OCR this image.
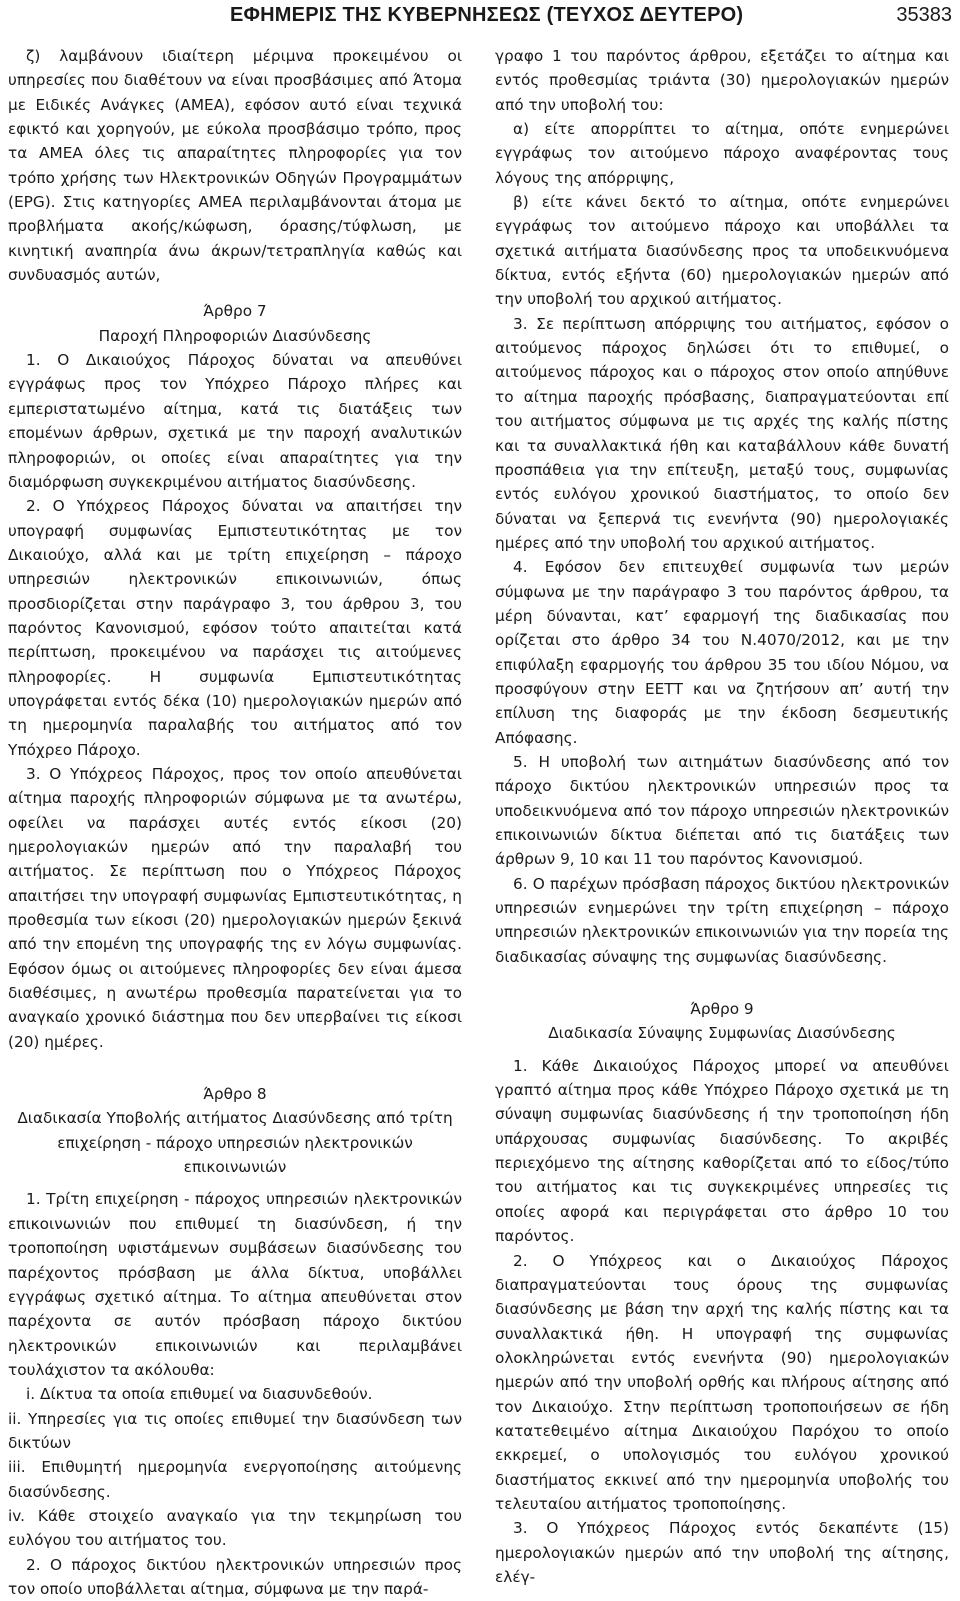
ΕΦΗΜΕΡΙΣ ΤΗΣ ΚΥΒΕΡΝΗΣΕΩΣ (ΤΕΥΧΟΣ ΔΕΥΤΕΡΟ)	35383

ζ) λαμβάνουν ιδιαίτερη μέριμνα προκειμένου οι υπηρεσίες που διαθέτουν να είναι προσβάσιμες από Άτομα με Ειδικές Ανάγκες (ΑΜΕΑ), εφόσον αυτό είναι τεχνικά εφικτό και χορηγούν, με εύκολα προσβάσιμο τρόπο, προς τα ΑΜΕΑ όλες τις απαραίτητες πληροφορίες για τον τρόπο χρήσης των Ηλεκτρονικών Οδηγών Προγραμμάτων (EPG). Στις κατηγορίες ΑΜΕΑ περιλαμβάνονται άτομα με προβλήματα ακοής/κώφωση, όρασης/τύφλωση, με κινητική αναπηρία άνω άκρων/τετραπληγία καθώς και συνδυασμός αυτών,

Άρθρο 7
Παροχή Πληροφοριών Διασύνδεσης

1. Ο Δικαιούχος Πάροχος δύναται να απευθύνει εγγράφως προς τον Υπόχρεο Πάροχο πλήρες και εμπεριστατωμένο αίτημα, κατά τις διατάξεις των επομένων άρθρων, σχετικά με την παροχή αναλυτικών πληροφοριών, οι οποίες είναι απαραίτητες για την διαμόρφωση συγκεκριμένου αιτήματος διασύνδεσης.

2. Ο Υπόχρεος Πάροχος δύναται να απαιτήσει την υπογραφή συμφωνίας Εμπιστευτικότητας με τον Δικαιούχο, αλλά και με τρίτη επιχείρηση – πάροχο υπηρεσιών ηλεκτρονικών επικοινωνιών, όπως προσδιορίζεται στην παράγραφο 3, του άρθρου 3, του παρόντος Κανονισμού, εφόσον τούτο απαιτείται κατά περίπτωση, προκειμένου να παράσχει τις αιτούμενες πληροφορίες. Η συμφωνία Εμπιστευτικότητας υπογράφεται εντός δέκα (10) ημερολογιακών ημερών από τη ημερομηνία παραλαβής του αιτήματος από τον Υπόχρεο Πάροχο.

3. Ο Υπόχρεος Πάροχος, προς τον οποίο απευθύνεται αίτημα παροχής πληροφοριών σύμφωνα με τα ανωτέρω, οφείλει να παράσχει αυτές εντός είκοσι (20) ημερολογιακών ημερών από την παραλαβή του αιτήματος. Σε περίπτωση που ο Υπόχρεος Πάροχος απαιτήσει την υπογραφή συμφωνίας Εμπιστευτικότητας, η προθεσμία των είκοσι (20) ημερολογιακών ημερών ξεκινά από την επομένη της υπογραφής της εν λόγω συμφωνίας. Εφόσον όμως οι αιτούμενες πληροφορίες δεν είναι άμεσα διαθέσιμες, η ανωτέρω προθεσμία παρατείνεται για το αναγκαίο χρονικό διάστημα που δεν υπερβαίνει τις είκοσι (20) ημέρες.

Άρθρο 8
Διαδικασία Υποβολής αιτήματος Διασύνδεσης από τρίτη επιχείρηση - πάροχο υπηρεσιών ηλεκτρονικών επικοινωνιών

1. Τρίτη επιχείρηση - πάροχος υπηρεσιών ηλεκτρονικών επικοινωνιών που επιθυμεί τη διασύνδεση, ή την τροποποίηση υφιστάμενων συμβάσεων διασύνδεσης του παρέχοντος πρόσβαση με άλλα δίκτυα, υποβάλλει εγγράφως σχετικό αίτημα. Το αίτημα απευθύνεται στον παρέχοντα σε αυτόν πρόσβαση πάροχο δικτύου ηλεκτρονικών επικοινωνιών και περιλαμβάνει τουλάχιστον τα ακόλουθα:

i. Δίκτυα τα οποία επιθυμεί να διασυνδεθούν.

ii. Υπηρεσίες για τις οποίες επιθυμεί την διασύνδεση των δικτύων

iii. Επιθυμητή ημερομηνία ενεργοποίησης αιτούμενης διασύνδεσης.

iv. Κάθε στοιχείο αναγκαίο για την τεκμηρίωση του ευλόγου του αιτήματος του.

2. Ο πάροχος δικτύου ηλεκτρονικών υπηρεσιών προς τον οποίο υποβάλλεται αίτημα, σύμφωνα με την παρά-

γραφο 1 του παρόντος άρθρου, εξετάζει το αίτημα και εντός προθεσμίας τριάντα (30) ημερολογιακών ημερών από την υποβολή του:

α) είτε απορρίπτει το αίτημα, οπότε ενημερώνει εγγράφως τον αιτούμενο πάροχο αναφέροντας τους λόγους της απόρριψης,

β) είτε κάνει δεκτό το αίτημα, οπότε ενημερώνει εγγράφως τον αιτούμενο πάροχο και υποβάλλει τα σχετικά αιτήματα διασύνδεσης προς τα υποδεικνυόμενα δίκτυα, εντός εξήντα (60) ημερολογιακών ημερών από την υποβολή του αρχικού αιτήματος.

3. Σε περίπτωση απόρριψης του αιτήματος, εφόσον ο αιτούμενος πάροχος δηλώσει ότι το επιθυμεί, ο αιτούμενος πάροχος και ο πάροχος στον οποίο απηύθυνε το αίτημα παροχής πρόσβασης, διαπραγματεύονται επί του αιτήματος σύμφωνα με τις αρχές της καλής πίστης και τα συναλλακτικά ήθη και καταβάλλουν κάθε δυνατή προσπάθεια για την επίτευξη, μεταξύ τους, συμφωνίας εντός ευλόγου χρονικού διαστήματος, το οποίο δεν δύναται να ξεπερνά τις ενενήντα (90) ημερολογιακές ημέρες από την υποβολή του αρχικού αιτήματος.

4. Εφόσον δεν επιτευχθεί συμφωνία των μερών σύμφωνα με την παράγραφο 3 του παρόντος άρθρου, τα μέρη δύνανται, κατ’ εφαρμογή της διαδικασίας που ορίζεται στο άρθρο 34 του Ν.4070/2012, και με την επιφύλαξη εφαρμογής του άρθρου 35 του ιδίου Νόμου, να προσφύγουν στην ΕΕΤΤ και να ζητήσουν απ’ αυτή την επίλυση της διαφοράς με την έκδοση δεσμευτικής Απόφασης.

5. Η υποβολή των αιτημάτων διασύνδεσης από τον πάροχο δικτύου ηλεκτρονικών υπηρεσιών προς τα υποδεικνυόμενα από τον πάροχο υπηρεσιών ηλεκτρονικών επικοινωνιών δίκτυα διέπεται από τις διατάξεις των άρθρων 9, 10 και 11 του παρόντος Κανονισμού.

6. Ο παρέχων πρόσβαση πάροχος δικτύου ηλεκτρονικών υπηρεσιών ενημερώνει την τρίτη επιχείρηση – πάροχο υπηρεσιών ηλεκτρονικών επικοινωνιών για την πορεία της διαδικασίας σύναψης της συμφωνίας διασύνδεσης.

Άρθρο 9
Διαδικασία Σύναψης Συμφωνίας Διασύνδεσης

1. Κάθε Δικαιούχος Πάροχος μπορεί να απευθύνει γραπτό αίτημα προς κάθε Υπόχρεο Πάροχο σχετικά με τη σύναψη συμφωνίας διασύνδεσης ή την τροποποίηση ήδη υπάρχουσας συμφωνίας διασύνδεσης. Το ακριβές περιεχόμενο της αίτησης καθορίζεται από το είδος/τύπο του αιτήματος και τις συγκεκριμένες υπηρεσίες τις οποίες αφορά και περιγράφεται στο άρθρο 10 του παρόντος.

2. Ο Υπόχρεος και ο Δικαιούχος Πάροχος διαπραγματεύονται τους όρους της συμφωνίας διασύνδεσης με βάση την αρχή της καλής πίστης και τα συναλλακτικά ήθη. Η υπογραφή της συμφωνίας ολοκληρώνεται εντός ενενήντα (90) ημερολογιακών ημερών από την υποβολή ορθής και πλήρους αίτησης από τον Δικαιούχο. Στην περίπτωση τροποποιήσεων σε ήδη κατατεθειμένο αίτημα Δικαιούχου Παρόχου το οποίο εκκρεμεί, ο υπολογισμός του ευλόγου χρονικού διαστήματος εκκινεί από την ημερομηνία υποβολής του τελευταίου αιτήματος τροποποίησης.

3. Ο Υπόχρεος Πάροχος εντός δεκαπέντε (15) ημερολογιακών ημερών από την υποβολή της αίτησης, ελέγ-
